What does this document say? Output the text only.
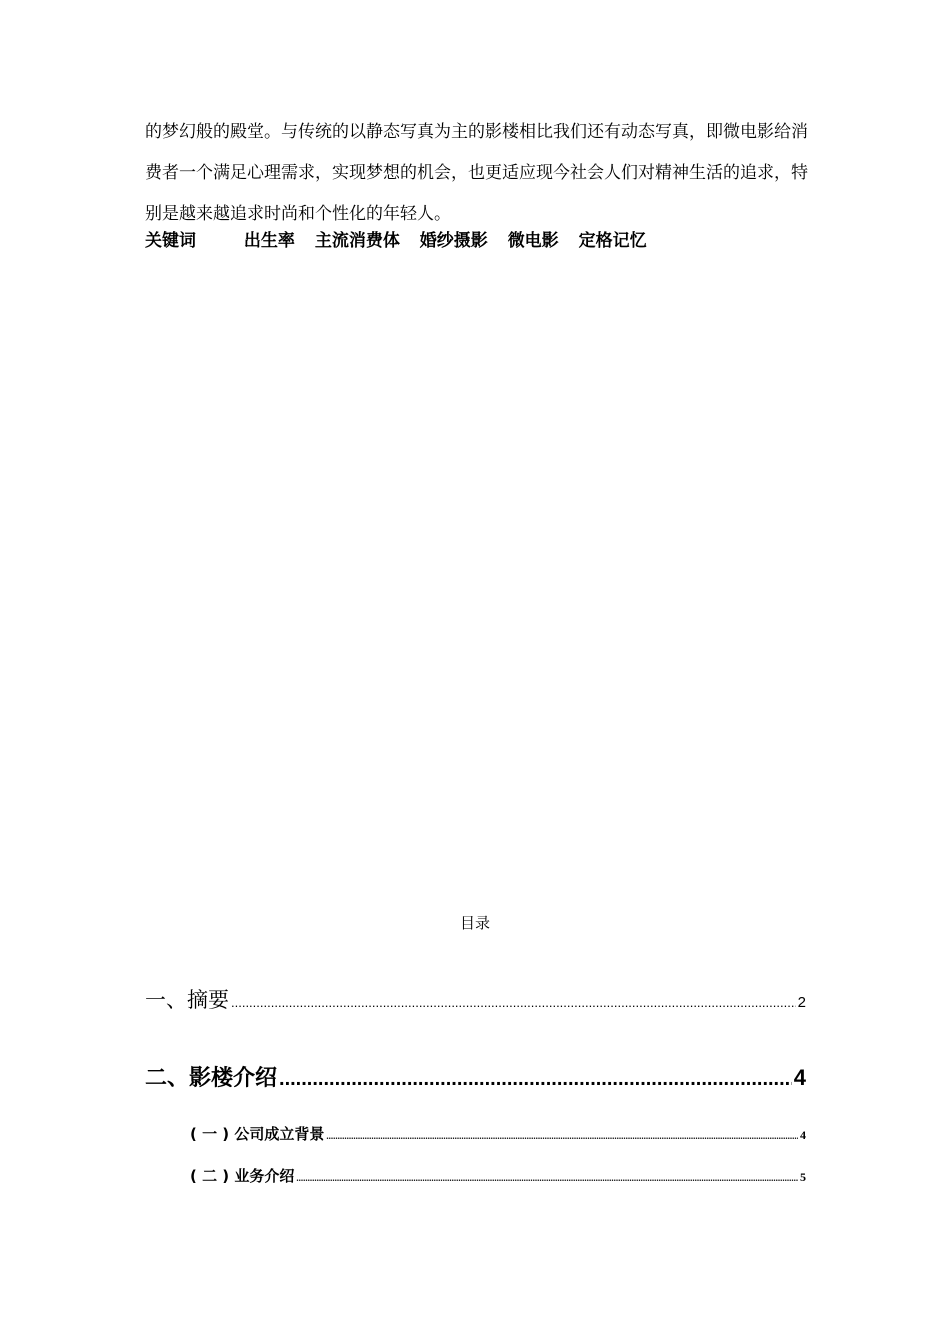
的梦幻般的殿堂。与传统的以静态写真为主的影楼相比我们还有动态写真，即微电影给消费者一个满足心理需求，实现梦想的机会，也更适应现今社会人们对精神生活的追求，特别是越来越追求时尚和个性化的年轻人。

关键词	出生率 主流消费体 婚纱摄影 微电影 定格记忆
目录
一、摘要 .....	2
二、影楼介绍 .....	4
( 一 ) 公司成立背景 .....	4
( 二 ) 业务介绍 .....	5
